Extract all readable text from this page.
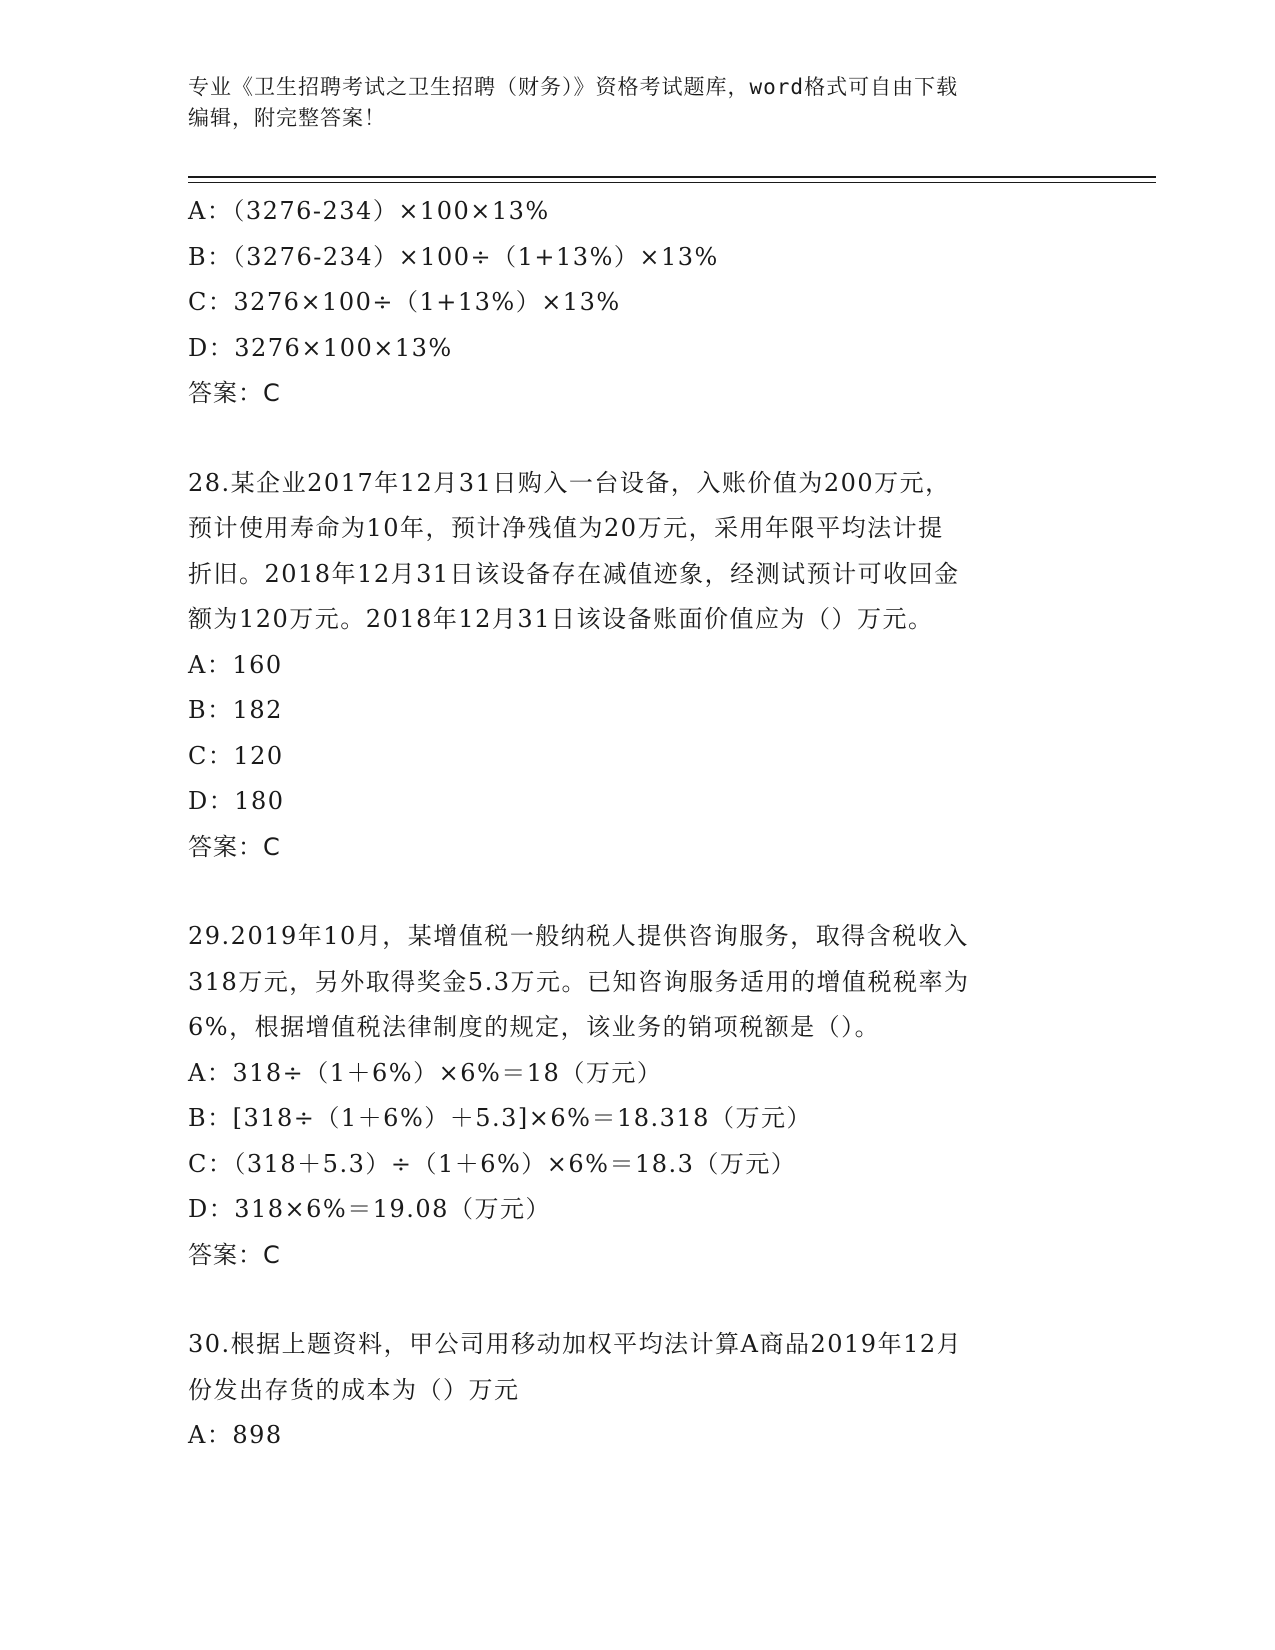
专业《卫生招聘考试之卫生招聘（财务）》资格考试题库，word格式可自由下载
编辑，附完整答案！
A：（3276-234）×100×13%
B：（3276-234）×100÷（1+13%）×13%
C：3276×100÷（1+13%）×13%
D：3276×100×13%
答案：C
28.某企业2017年12月31日购入一台设备，入账价值为200万元，
预计使用寿命为10年，预计净残值为20万元，采用年限平均法计提
折旧。2018年12月31日该设备存在减值迹象，经测试预计可收回金
额为120万元。2018年12月31日该设备账面价值应为（）万元。
A：160
B：182
C：120
D：180
答案：C
29.2019年10月，某增值税一般纳税人提供咨询服务，取得含税收入
318万元，另外取得奖金5.3万元。已知咨询服务适用的增值税税率为
6%，根据增值税法律制度的规定，该业务的销项税额是（）。
A：318÷（1＋6%）×6%＝18（万元）
B：[318÷（1＋6%）＋5.3]×6%＝18.318（万元）
C：（318＋5.3）÷（1＋6%）×6%＝18.3（万元）
D：318×6%＝19.08（万元）
答案：C
30.根据上题资料，甲公司用移动加权平均法计算A商品2019年12月
份发出存货的成本为（）万元
A：898
